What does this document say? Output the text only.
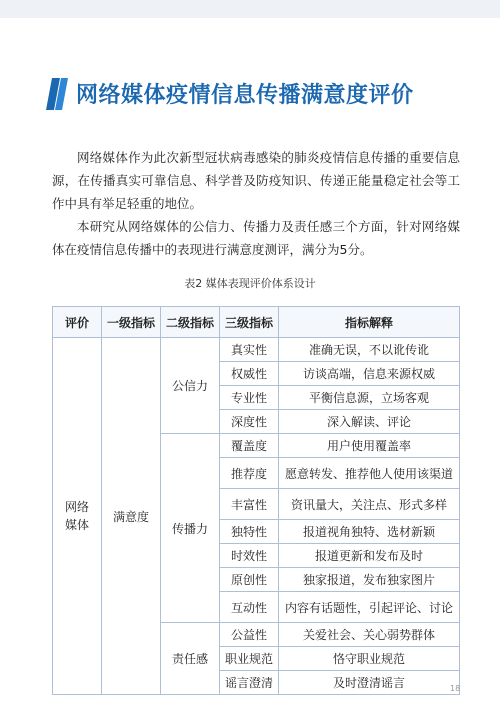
网络媒体疫情信息传播满意度评价

网络媒体作为此次新型冠状病毒感染的肺炎疫情信息传播的重要信息源，在传播真实可靠信息、科学普及防疫知识、传递正能量稳定社会等工作中具有举足轻重的地位。

本研究从网络媒体的公信力、传播力及责任感三个方面，针对网络媒体在疫情信息传播中的表现进行满意度测评，满分为5分。

表2 媒体表现评价体系设计
评价	一级指标	二级指标	三级指标	指标解释
网络
媒体	满意度	公信力	真实性	准确无误，不以讹传讹
			权威性	访谈高端，信息来源权威
			专业性	平衡信息源，立场客观
			深度性	深入解读、评论
		传播力	覆盖度	用户使用覆盖率
			推荐度	愿意转发、推荐他人使用该渠道
			丰富性	资讯量大，关注点、形式多样
			独特性	报道视角独特、选材新颖
			时效性	报道更新和发布及时
			原创性	独家报道，发布独家图片
			互动性	内容有话题性，引起评论、讨论
		责任感	公益性	关爱社会、关心弱势群体
			职业规范	恪守职业规范
			谣言澄清	及时澄清谣言	18
